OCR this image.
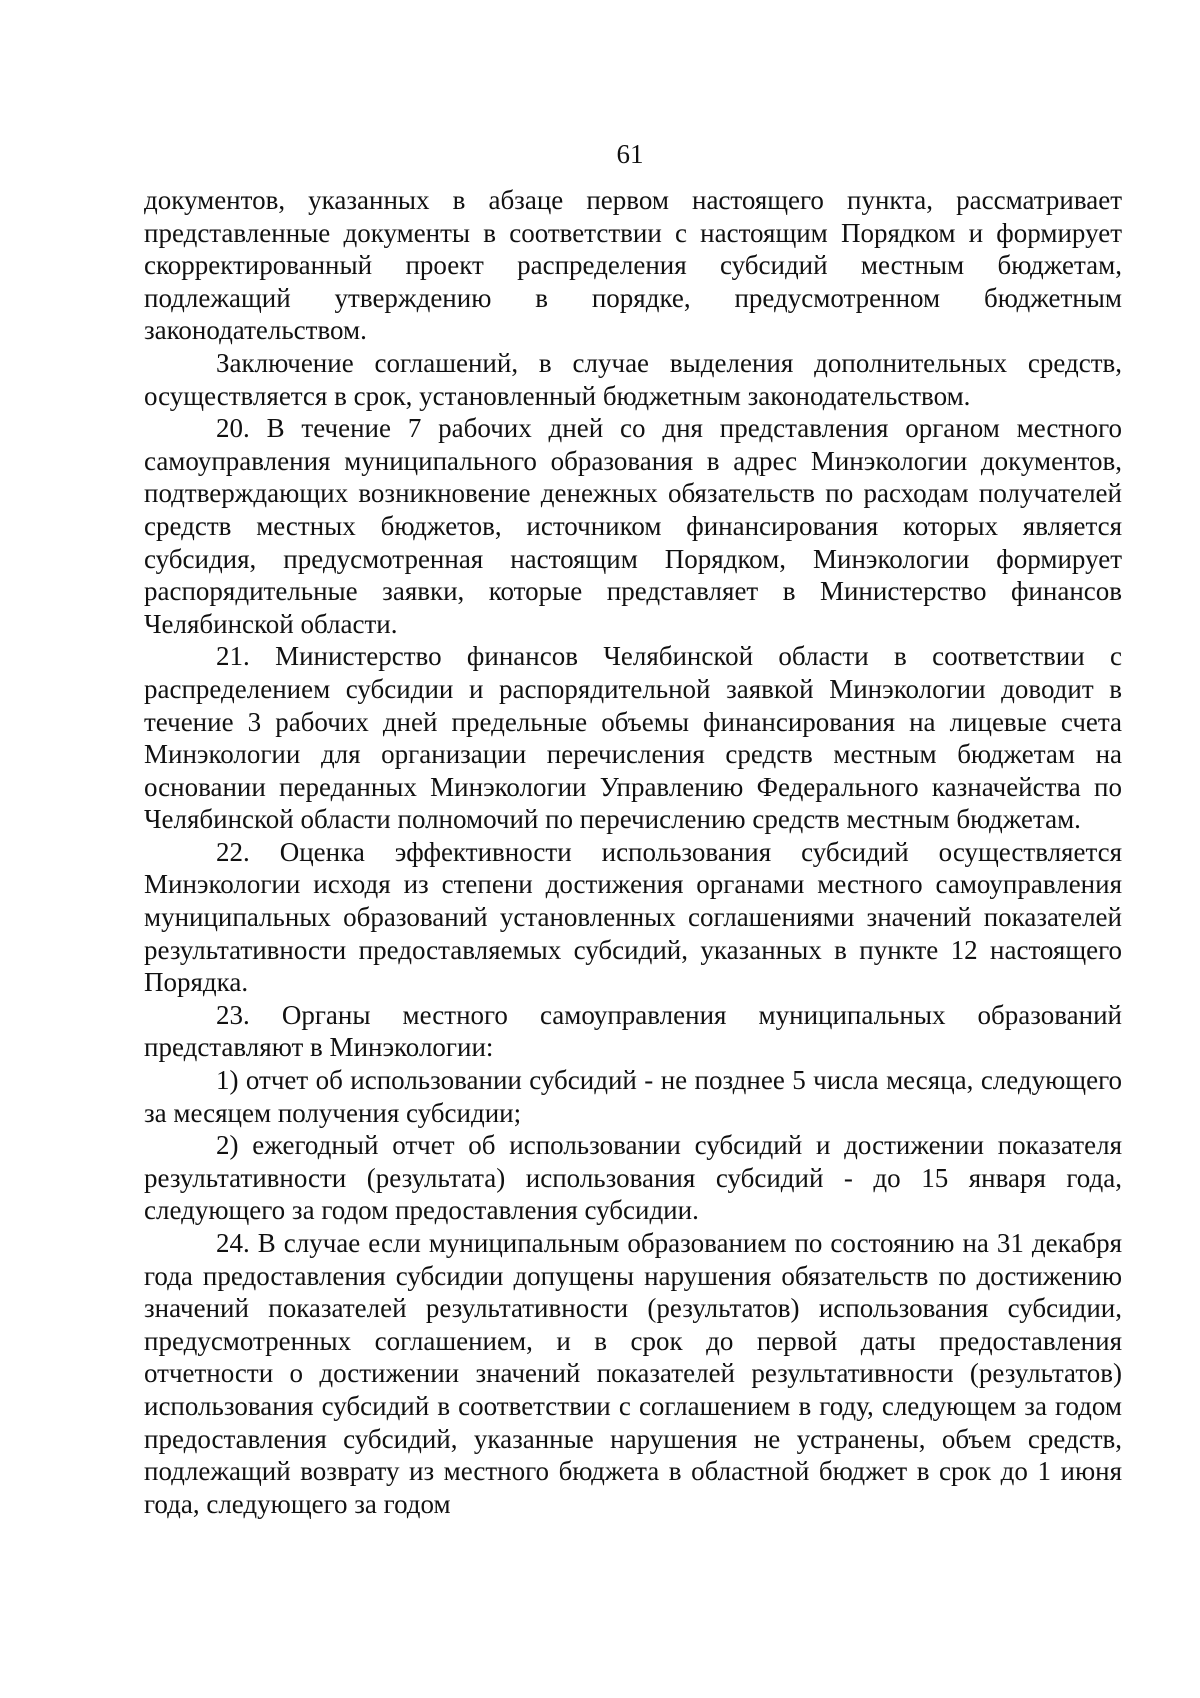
61

документов, указанных в абзаце первом настоящего пункта, рассматривает представленные документы в соответствии с настоящим Порядком и формирует скорректированный проект распределения субсидий местным бюджетам, подлежащий утверждению в порядке, предусмотренном бюджетным законодательством.

Заключение соглашений, в случае выделения дополнительных средств, осуществляется в срок, установленный бюджетным законодательством.

20. В течение 7 рабочих дней со дня представления органом местного самоуправления муниципального образования в адрес Минэкологии документов, подтверждающих возникновение денежных обязательств по расходам получателей средств местных бюджетов, источником финансирования которых является субсидия, предусмотренная настоящим Порядком, Минэкологии формирует распорядительные заявки, которые представляет в Министерство финансов Челябинской области.

21. Министерство финансов Челябинской области в соответствии с распределением субсидии и распорядительной заявкой Минэкологии доводит в течение 3 рабочих дней предельные объемы финансирования на лицевые счета Минэкологии для организации перечисления средств местным бюджетам на основании переданных Минэкологии Управлению Федерального казначейства по Челябинской области полномочий по перечислению средств местным бюджетам.

22. Оценка эффективности использования субсидий осуществляется Минэкологии исходя из степени достижения органами местного самоуправления муниципальных образований установленных соглашениями значений показателей результативности предоставляемых субсидий, указанных в пункте 12 настоящего Порядка.

23. Органы местного самоуправления муниципальных образований представляют в Минэкологии:

1) отчет об использовании субсидий - не позднее 5 числа месяца, следующего за месяцем получения субсидии;

2) ежегодный отчет об использовании субсидий и достижении показателя результативности (результата) использования субсидий - до 15 января года, следующего за годом предоставления субсидии.

24. В случае если муниципальным образованием по состоянию на 31 декабря года предоставления субсидии допущены нарушения обязательств по достижению значений показателей результативности (результатов) использования субсидии, предусмотренных соглашением, и в срок до первой даты предоставления отчетности о достижении значений показателей результативности (результатов) использования субсидий в соответствии с соглашением в году, следующем за годом предоставления субсидий, указанные нарушения не устранены, объем средств, подлежащий возврату из местного бюджета в областной бюджет в срок до 1 июня года, следующего за годом
